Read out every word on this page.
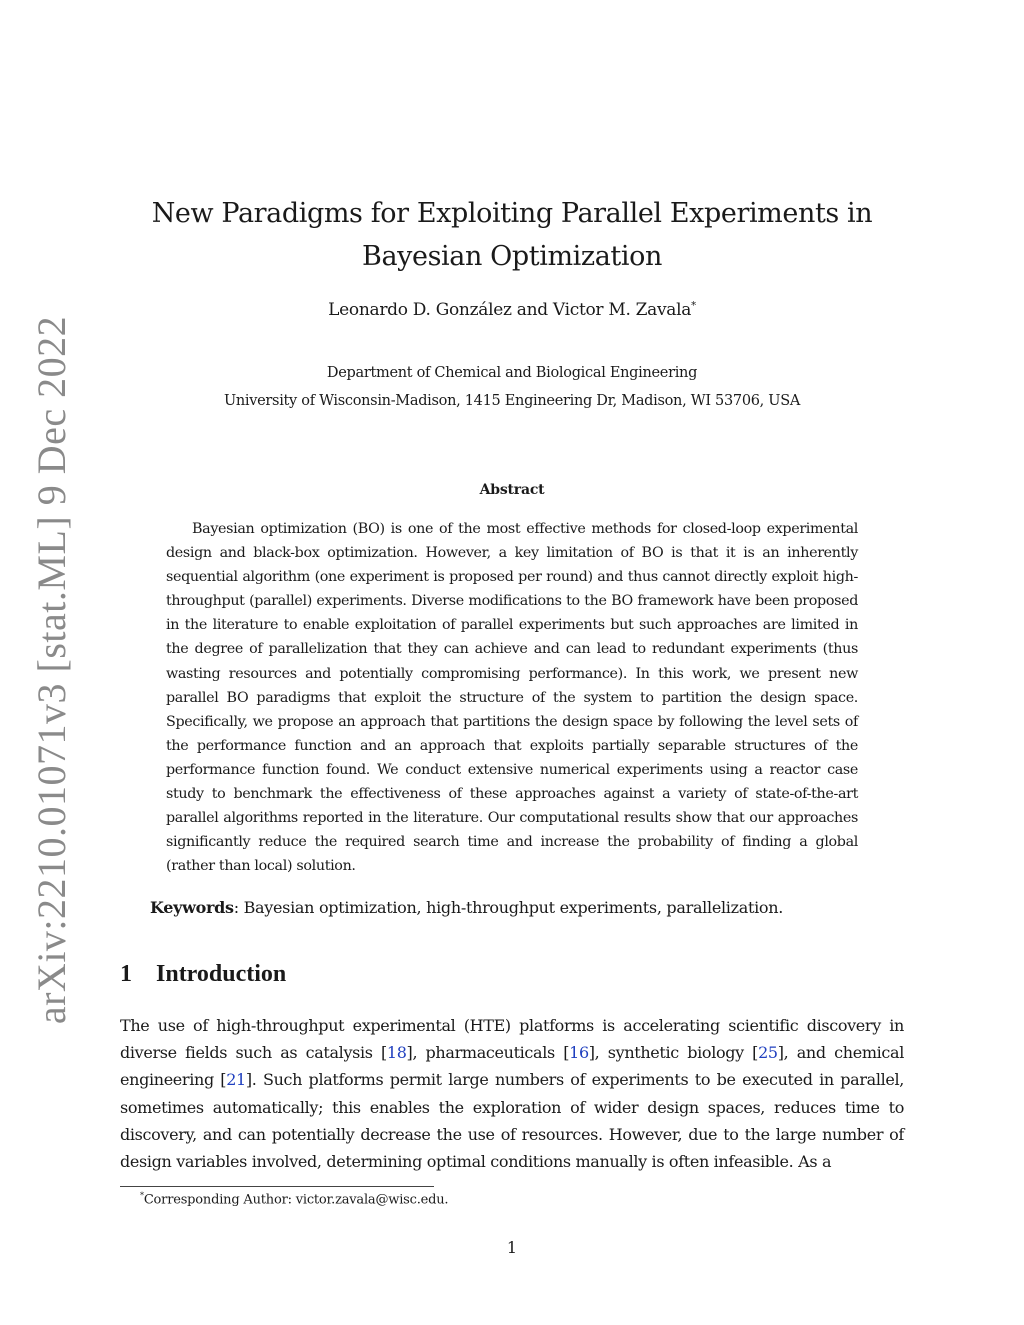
arXiv:2210.01071v3 [stat.ML] 9 Dec 2022
New Paradigms for Exploiting Parallel Experiments in Bayesian Optimization
Leonardo D. González and Victor M. Zavala*
Department of Chemical and Biological Engineering
University of Wisconsin-Madison, 1415 Engineering Dr, Madison, WI 53706, USA
Abstract

Bayesian optimization (BO) is one of the most effective methods for closed-loop experimental design and black-box optimization. However, a key limitation of BO is that it is an inherently sequential algorithm (one experiment is proposed per round) and thus cannot directly exploit high-throughput (parallel) experiments. Diverse modifications to the BO framework have been proposed in the literature to enable exploitation of parallel experiments but such approaches are limited in the degree of parallelization that they can achieve and can lead to redundant experiments (thus wasting resources and potentially compromising performance). In this work, we present new parallel BO paradigms that exploit the structure of the system to partition the design space. Specifically, we propose an approach that partitions the design space by following the level sets of the performance function and an approach that exploits partially separable structures of the performance function found. We conduct extensive numerical experiments using a reactor case study to benchmark the effectiveness of these approaches against a variety of state-of-the-art parallel algorithms reported in the literature. Our computational results show that our approaches significantly reduce the required search time and increase the probability of finding a global (rather than local) solution.

Keywords: Bayesian optimization, high-throughput experiments, parallelization.
1 Introduction

The use of high-throughput experimental (HTE) platforms is accelerating scientific discovery in diverse fields such as catalysis [18], pharmaceuticals [16], synthetic biology [25], and chemical engineering [21]. Such platforms permit large numbers of experiments to be executed in parallel, sometimes automatically; this enables the exploration of wider design spaces, reduces time to discovery, and can potentially decrease the use of resources. However, due to the large number of design variables involved, determining optimal conditions manually is often infeasible. As a

*Corresponding Author: victor.zavala@wisc.edu.
1
